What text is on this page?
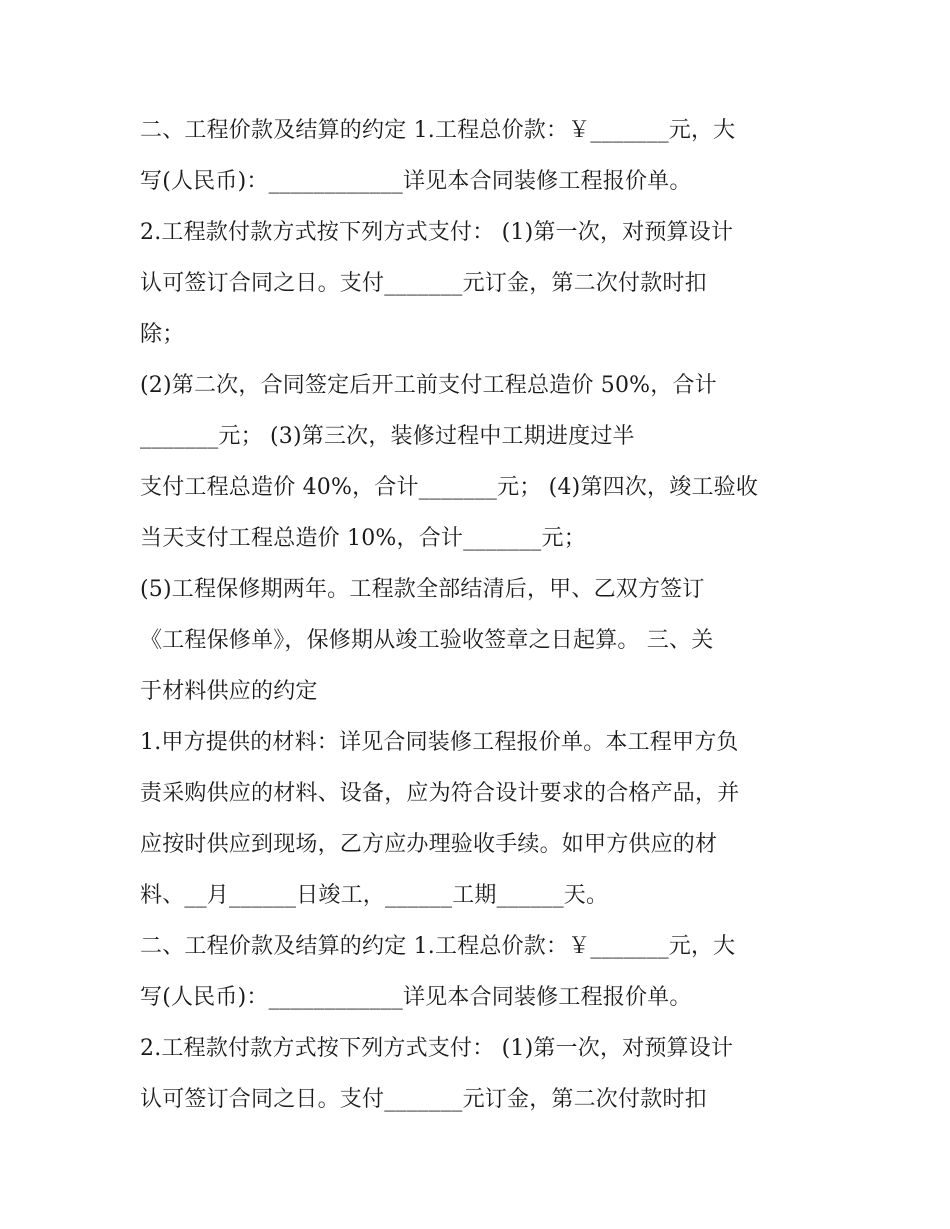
二、工程价款及结算的约定 1.工程总价款：￥_______元，大
写(人民币)：____________详见本合同装修工程报价单。
2.工程款付款方式按下列方式支付： (1)第一次，对预算设计
认可签订合同之日。支付_______元订金，第二次付款时扣
除；
(2)第二次，合同签定后开工前支付工程总造价 50%，合计
_______元； (3)第三次，装修过程中工期进度过半
支付工程总造价 40%，合计_______元； (4)第四次，竣工验收
当天支付工程总造价 10%，合计_______元；
(5)工程保修期两年。工程款全部结清后，甲、乙双方签订
《工程保修单》，保修期从竣工验收签章之日起算。 三、关
于材料供应的约定
1.甲方提供的材料：详见合同装修工程报价单。本工程甲方负
责采购供应的材料、设备，应为符合设计要求的合格产品，并
应按时供应到现场，乙方应办理验收手续。如甲方供应的材
料、__月______日竣工，______工期______天。
二、工程价款及结算的约定 1.工程总价款：￥_______元，大
写(人民币)：____________详见本合同装修工程报价单。
2.工程款付款方式按下列方式支付： (1)第一次，对预算设计
认可签订合同之日。支付_______元订金，第二次付款时扣
